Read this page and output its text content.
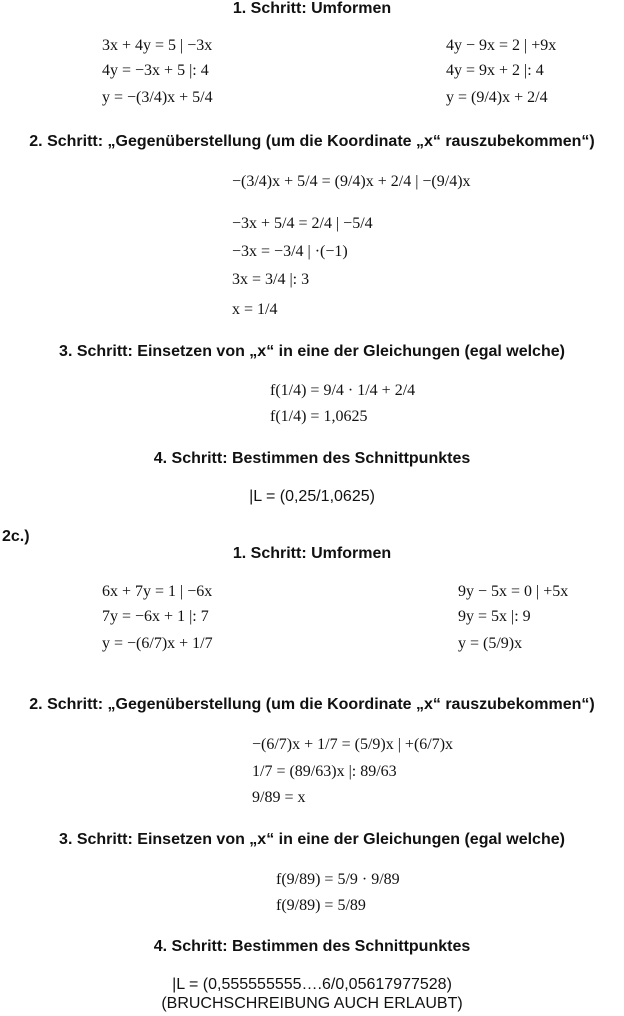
1. Schritt: Umformen
3x + 4y = 5 | −3x
4y = −3x + 5 |: 4
y = −(3/4)x + 5/4
4y − 9x = 2 | +9x
4y = 9x + 2 |: 4
y = (9/4)x + 2/4
2. Schritt: „Gegenüberstellung (um die Koordinate „x“ rauszubekommen“)
−(3/4)x + 5/4 = (9/4)x + 2/4 | −(9/4)x
−3x + 5/4 = 2/4 | −5/4
−3x = −3/4 | ·(−1)
3x = 3/4 |: 3
x = 1/4
3. Schritt: Einsetzen von „x“ in eine der Gleichungen (egal welche)
f(1/4) = 9/4 · 1/4 + 2/4
f(1/4) = 1,0625
4. Schritt: Bestimmen des Schnittpunktes
|L = (0,25/1,0625)
2c.)
1. Schritt: Umformen
6x + 7y = 1 | −6x
7y = −6x + 1 |: 7
y = −(6/7)x + 1/7
9y − 5x = 0 | +5x
9y = 5x |: 9
y = (5/9)x
2. Schritt: „Gegenüberstellung (um die Koordinate „x“ rauszubekommen“)
−(6/7)x + 1/7 = (5/9)x | +(6/7)x
1/7 = (89/63)x |: 89/63
9/89 = x
3. Schritt: Einsetzen von „x“ in eine der Gleichungen (egal welche)
f(9/89) = 5/9 · 9/89
f(9/89) = 5/89
4. Schritt: Bestimmen des Schnittpunktes
|L = (0,555555555….6/0,05617977528)
(BRUCHSCHREIBUNG AUCH ERLAUBT)
